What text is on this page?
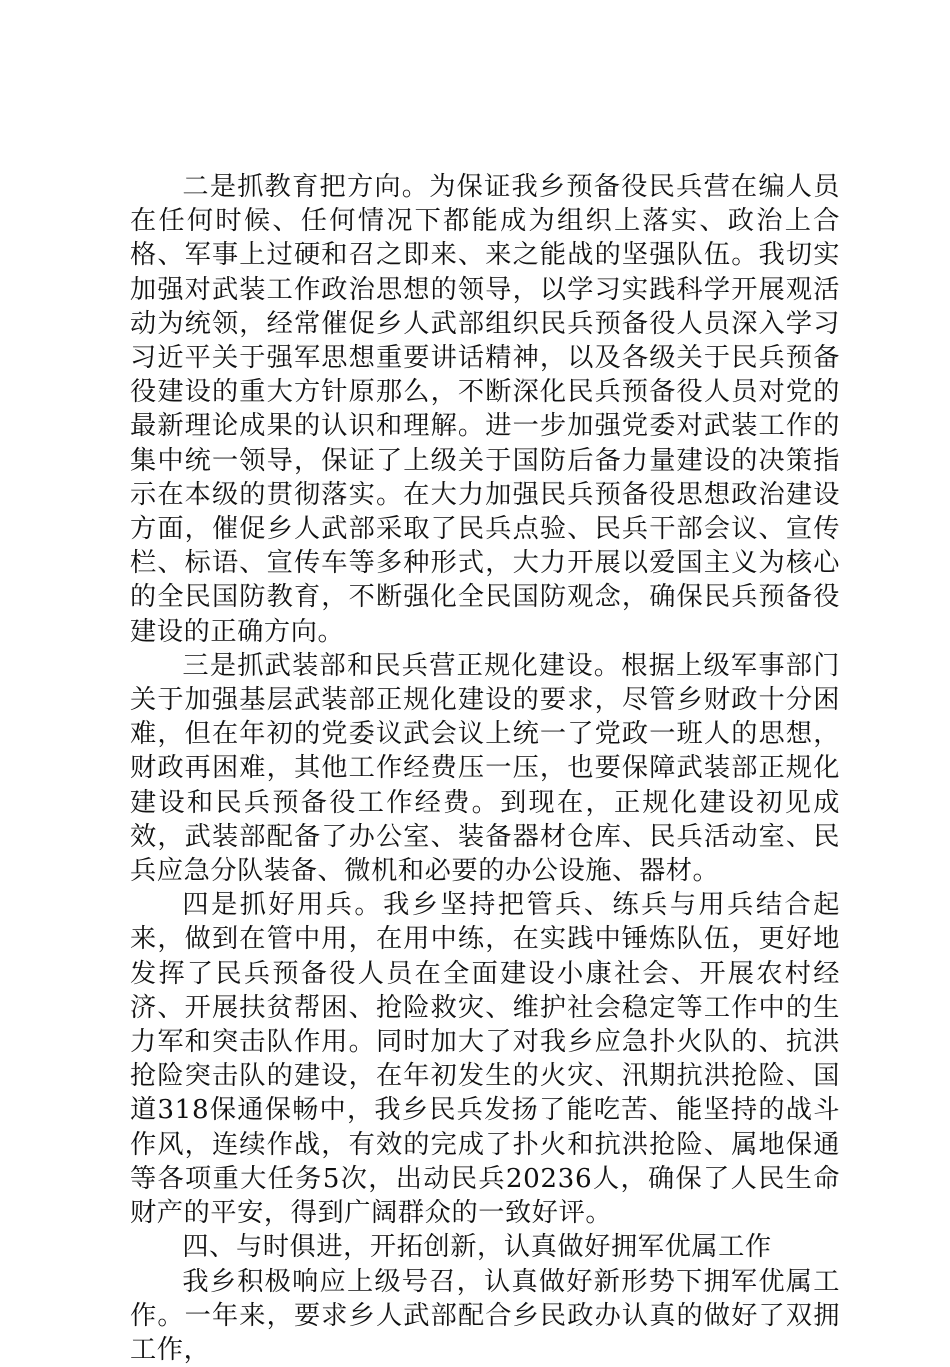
二是抓教育把方向。为保证我乡预备役民兵营在编人员在任何时候、任何情况下都能成为组织上落实、政治上合格、军事上过硬和召之即来、来之能战的坚强队伍。我切实加强对武装工作政治思想的领导，以学习实践科学开展观活动为统领，经常催促乡人武部组织民兵预备役人员深入学习习近平关于强军思想重要讲话精神，以及各级关于民兵预备役建设的重大方针原那么，不断深化民兵预备役人员对党的最新理论成果的认识和理解。进一步加强党委对武装工作的集中统一领导，保证了上级关于国防后备力量建设的决策指示在本级的贯彻落实。在大力加强民兵预备役思想政治建设方面，催促乡人武部采取了民兵点验、民兵干部会议、宣传栏、标语、宣传车等多种形式，大力开展以爱国主义为核心的全民国防教育，不断强化全民国防观念，确保民兵预备役建设的正确方向。

三是抓武装部和民兵营正规化建设。根据上级军事部门关于加强基层武装部正规化建设的要求，尽管乡财政十分困难，但在年初的党委议武会议上统一了党政一班人的思想，财政再困难，其他工作经费压一压，也要保障武装部正规化建设和民兵预备役工作经费。到现在，正规化建设初见成效，武装部配备了办公室、装备器材仓库、民兵活动室、民兵应急分队装备、微机和必要的办公设施、器材。

四是抓好用兵。我乡坚持把管兵、练兵与用兵结合起来，做到在管中用，在用中练，在实践中锤炼队伍，更好地发挥了民兵预备役人员在全面建设小康社会、开展农村经济、开展扶贫帮困、抢险救灾、维护社会稳定等工作中的生力军和突击队作用。同时加大了对我乡应急扑火队的、抗洪抢险突击队的建设，在年初发生的火灾、汛期抗洪抢险、国道318保通保畅中，我乡民兵发扬了能吃苦、能坚持的战斗作风，连续作战，有效的完成了扑火和抗洪抢险、属地保通等各项重大任务5次，出动民兵20236人，确保了人民生命财产的平安，得到广阔群众的一致好评。

四、与时俱进，开拓创新，认真做好拥军优属工作

我乡积极响应上级号召，认真做好新形势下拥军优属工作。一年来，要求乡人武部配合乡民政办认真的做好了双拥工作，
